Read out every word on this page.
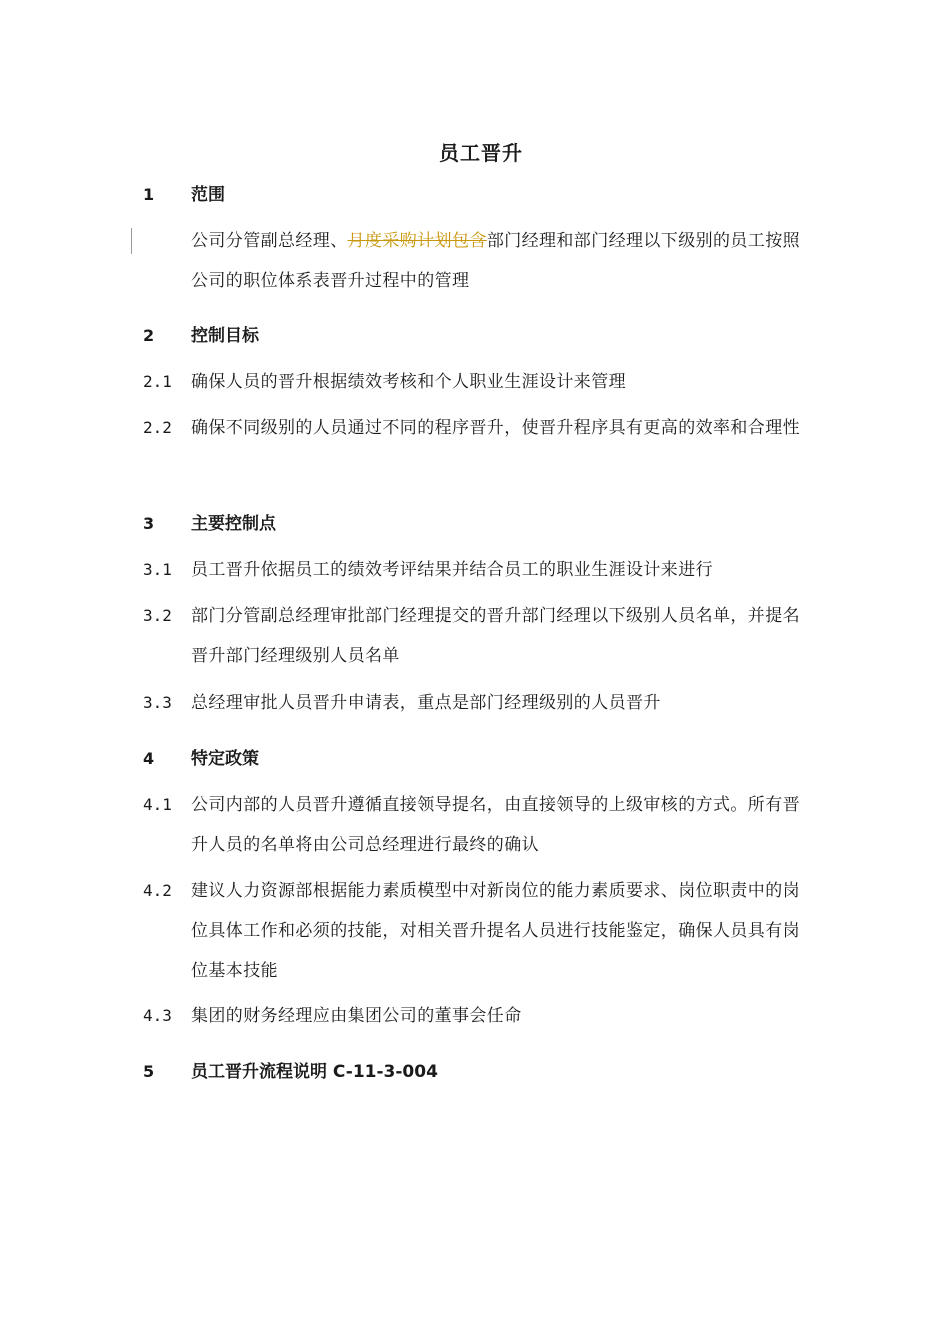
员工晋升
1 范围
公司分管副总经理、月度采购计划包含部门经理和部门经理以下级别的员工按照公司的职位体系表晋升过程中的管理
2 控制目标
2.1 确保人员的晋升根据绩效考核和个人职业生涯设计来管理
2.2 确保不同级别的人员通过不同的程序晋升，使晋升程序具有更高的效率和合理性
3 主要控制点
3.1 员工晋升依据员工的绩效考评结果并结合员工的职业生涯设计来进行
3.2 部门分管副总经理审批部门经理提交的晋升部门经理以下级别人员名单，并提名晋升部门经理级别人员名单
3.3 总经理审批人员晋升申请表，重点是部门经理级别的人员晋升
4 特定政策
4.1 公司内部的人员晋升遵循直接领导提名，由直接领导的上级审核的方式。所有晋升人员的名单将由公司总经理进行最终的确认
4.2 建议人力资源部根据能力素质模型中对新岗位的能力素质要求、岗位职责中的岗位具体工作和必须的技能，对相关晋升提名人员进行技能鉴定，确保人员具有岗位基本技能
4.3 集团的财务经理应由集团公司的董事会任命
5 员工晋升流程说明 C-11-3-004
